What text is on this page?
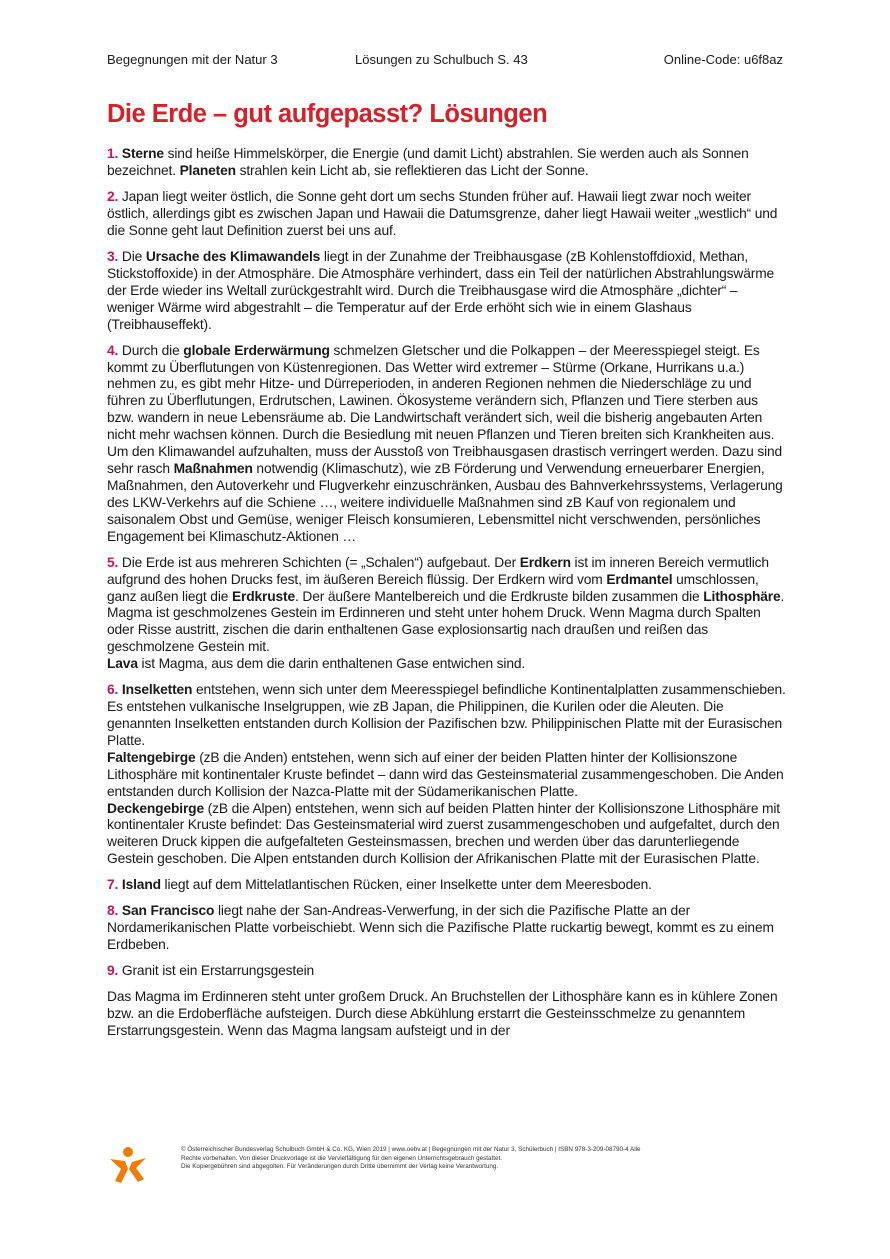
Begegnungen mit der Natur 3	Lösungen zu Schulbuch S. 43	Online-Code: u6f8az
Die Erde – gut aufgepasst? Lösungen

1. Sterne sind heiße Himmelskörper, die Energie (und damit Licht) abstrahlen. Sie werden auch als Sonnen bezeichnet. Planeten strahlen kein Licht ab, sie reflektieren das Licht der Sonne.

2. Japan liegt weiter östlich, die Sonne geht dort um sechs Stunden früher auf. Hawaii liegt zwar noch weiter östlich, allerdings gibt es zwischen Japan und Hawaii die Datumsgrenze, daher liegt Hawaii weiter „westlich“ und die Sonne geht laut Definition zuerst bei uns auf.

3. Die Ursache des Klimawandels liegt in der Zunahme der Treibhausgase (zB Kohlenstoffdioxid, Methan, Stickstoffoxide) in der Atmosphäre. Die Atmosphäre verhindert, dass ein Teil der natürlichen Abstrahlungswärme der Erde wieder ins Weltall zurückgestrahlt wird. Durch die Treibhausgase wird die Atmosphäre „dichter“ – weniger Wärme wird abgestrahlt – die Temperatur auf der Erde erhöht sich wie in einem Glashaus (Treibhauseffekt).

4. Durch die globale Erderwärmung schmelzen Gletscher und die Polkappen – der Meeresspiegel steigt. Es kommt zu Überflutungen von Küstenregionen. Das Wetter wird extremer – Stürme (Orkane, Hurrikans u.a.) nehmen zu, es gibt mehr Hitze- und Dürreperioden, in anderen Regionen nehmen die Niederschläge zu und führen zu Überflutungen, Erdrutschen, Lawinen. Ökosysteme verändern sich, Pflanzen und Tiere sterben aus bzw. wandern in neue Lebensräume ab. Die Landwirtschaft verändert sich, weil die bisherig angebauten Arten nicht mehr wachsen können. Durch die Besiedlung mit neuen Pflanzen und Tieren breiten sich Krankheiten aus. Um den Klimawandel aufzuhalten, muss der Ausstoß von Treibhausgasen drastisch verringert werden. Dazu sind sehr rasch Maßnahmen notwendig (Klimaschutz), wie zB Förderung und Verwendung erneuerbarer Energien, Maßnahmen, den Autoverkehr und Flugverkehr einzuschränken, Ausbau des Bahnverkehrssystems, Verlagerung des LKW-Verkehrs auf die Schiene …, weitere individuelle Maßnahmen sind zB Kauf von regionalem und saisonalem Obst und Gemüse, weniger Fleisch konsumieren, Lebensmittel nicht verschwenden, persönliches Engagement bei Klimaschutz-Aktionen …

5. Die Erde ist aus mehreren Schichten (= „Schalen“) aufgebaut. Der Erdkern ist im inneren Bereich vermutlich aufgrund des hohen Drucks fest, im äußeren Bereich flüssig. Der Erdkern wird vom Erdmantel umschlossen, ganz außen liegt die Erdkruste. Der äußere Mantelbereich und die Erdkruste bilden zusammen die Lithosphäre. Magma ist geschmolzenes Gestein im Erdinneren und steht unter hohem Druck. Wenn Magma durch Spalten oder Risse austritt, zischen die darin enthaltenen Gase explosionsartig nach draußen und reißen das geschmolzene Gestein mit.
Lava ist Magma, aus dem die darin enthaltenen Gase entwichen sind.

6. Inselketten entstehen, wenn sich unter dem Meeresspiegel befindliche Kontinentalplatten zusammenschieben. Es entstehen vulkanische Inselgruppen, wie zB Japan, die Philippinen, die Kurilen oder die Aleuten. Die genannten Inselketten entstanden durch Kollision der Pazifischen bzw. Philippinischen Platte mit der Eurasischen Platte.
Faltengebirge (zB die Anden) entstehen, wenn sich auf einer der beiden Platten hinter der Kollisionszone Lithosphäre mit kontinentaler Kruste befindet – dann wird das Gesteinsmaterial zusammengeschoben. Die Anden entstanden durch Kollision der Nazca-Platte mit der Südamerikanischen Platte.
Deckengebirge (zB die Alpen) entstehen, wenn sich auf beiden Platten hinter der Kollisionszone Lithosphäre mit kontinentaler Kruste befindet: Das Gesteinsmaterial wird zuerst zusammengeschoben und aufgefaltet, durch den weiteren Druck kippen die aufgefalteten Gesteinsmassen, brechen und werden über das darunterliegende Gestein geschoben. Die Alpen entstanden durch Kollision der Afrikanischen Platte mit der Eurasischen Platte.

7. Island liegt auf dem Mittelatlantischen Rücken, einer Inselkette unter dem Meeresboden.

8. San Francisco liegt nahe der San-Andreas-Verwerfung, in der sich die Pazifische Platte an der Nordamerikanischen Platte vorbeischiebt. Wenn sich die Pazifische Platte ruckartig bewegt, kommt es zu einem Erdbeben.

9. Granit ist ein Erstarrungsgestein

Das Magma im Erdinneren steht unter großem Druck. An Bruchstellen der Lithosphäre kann es in kühlere Zonen bzw. an die Erdoberfläche aufsteigen. Durch diese Abkühlung erstarrt die Gesteinsschmelze zu genanntem Erstarrungsgestein. Wenn das Magma langsam aufsteigt und in der

© Österreichischer Bundesverlag Schulbuch GmbH & Co. KG, Wien 2019 | www.oebv.at | Begegnungen mit der Natur 3, Schülerbuch | ISBN 978-3-209-08790-4 Alle
Rechte vorbehalten. Von dieser Druckvorlage ist die Vervielfältigung für den eigenen Unterrichtsgebrauch gestattet.
Die Kopiergebühren sind abgegolten. Für Veränderungen durch Dritte übernimmt der Verlag keine Verantwortung.
